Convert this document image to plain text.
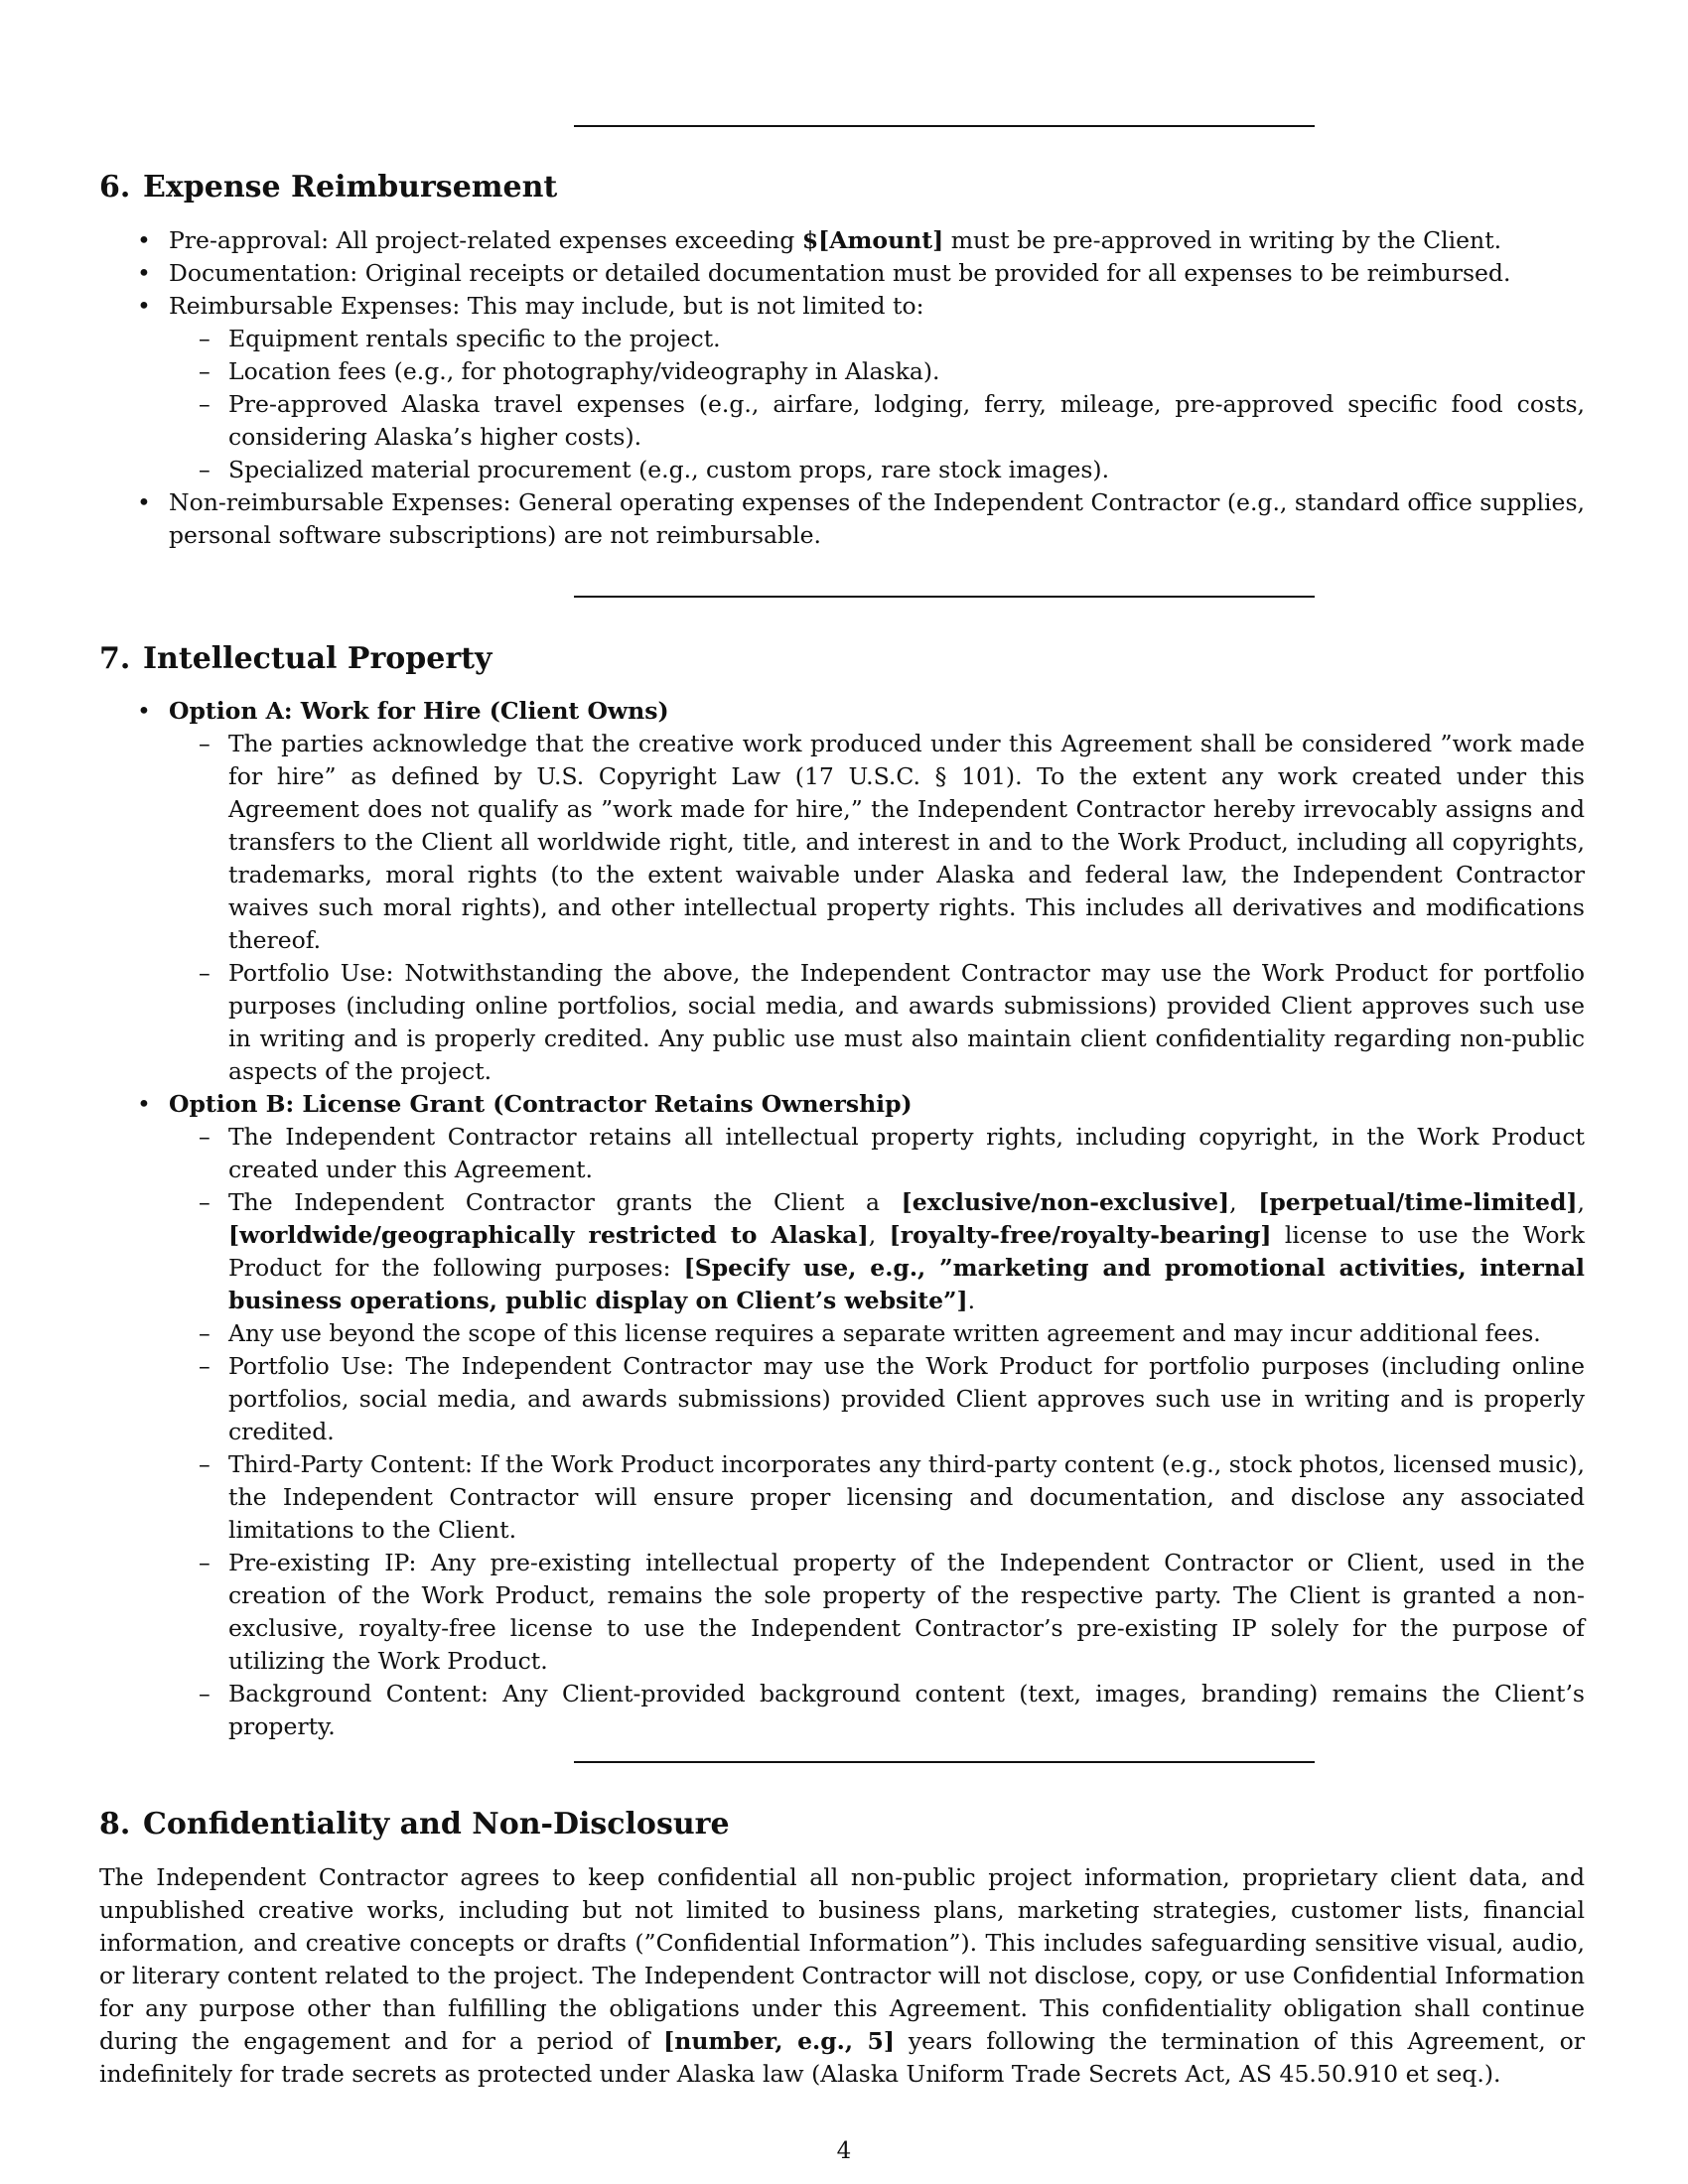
6. Expense Reimbursement
• Pre-approval: All project-related expenses exceeding $[Amount] must be pre-approved in writing by the Client.
• Documentation: Original receipts or detailed documentation must be provided for all expenses to be reimbursed.
• Reimbursable Expenses: This may include, but is not limited to:
– Equipment rentals specific to the project.
– Location fees (e.g., for photography/videography in Alaska).
– Pre-approved Alaska travel expenses (e.g., airfare, lodging, ferry, mileage, pre-approved specific food costs, considering Alaska’s higher costs).
– Specialized material procurement (e.g., custom props, rare stock images).
• Non-reimbursable Expenses: General operating expenses of the Independent Contractor (e.g., standard office supplies, personal software subscriptions) are not reimbursable.
7. Intellectual Property
• Option A: Work for Hire (Client Owns)
– The parties acknowledge that the creative work produced under this Agreement shall be considered ”work made for hire” as defined by U.S. Copyright Law (17 U.S.C. § 101). To the extent any work created under this Agreement does not qualify as ”work made for hire,” the Independent Contractor hereby irrevocably assigns and transfers to the Client all worldwide right, title, and interest in and to the Work Product, including all copyrights, trademarks, moral rights (to the extent waivable under Alaska and federal law, the Independent Contractor waives such moral rights), and other intellectual property rights. This includes all derivatives and modifications thereof.
– Portfolio Use: Notwithstanding the above, the Independent Contractor may use the Work Product for portfolio purposes (including online portfolios, social media, and awards submissions) provided Client approves such use in writing and is properly credited. Any public use must also maintain client confidentiality regarding non-public aspects of the project.
• Option B: License Grant (Contractor Retains Ownership)
– The Independent Contractor retains all intellectual property rights, including copyright, in the Work Product created under this Agreement.
– The Independent Contractor grants the Client a [exclusive/non-exclusive], [perpetual/time-limited], [worldwide/geographically restricted to Alaska], [royalty-free/royalty-bearing] license to use the Work Product for the following purposes: [Specify use, e.g., ”marketing and promotional activities, internal business operations, public display on Client’s website”].
– Any use beyond the scope of this license requires a separate written agreement and may incur additional fees.
– Portfolio Use: The Independent Contractor may use the Work Product for portfolio purposes (including online portfolios, social media, and awards submissions) provided Client approves such use in writing and is properly credited.
– Third-Party Content: If the Work Product incorporates any third-party content (e.g., stock photos, licensed music), the Independent Contractor will ensure proper licensing and documentation, and disclose any associated limitations to the Client.
– Pre-existing IP: Any pre-existing intellectual property of the Independent Contractor or Client, used in the creation of the Work Product, remains the sole property of the respective party. The Client is granted a non-exclusive, royalty-free license to use the Independent Contractor’s pre-existing IP solely for the purpose of utilizing the Work Product.
– Background Content: Any Client-provided background content (text, images, branding) remains the Client’s property.
8. Confidentiality and Non-Disclosure

The Independent Contractor agrees to keep confidential all non-public project information, proprietary client data, and unpublished creative works, including but not limited to business plans, marketing strategies, customer lists, financial information, and creative concepts or drafts (”Confidential Information”). This includes safeguarding sensitive visual, audio, or literary content related to the project. The Independent Contractor will not disclose, copy, or use Confidential Information for any purpose other than fulfilling the obligations under this Agreement. This confidentiality obligation shall continue during the engagement and for a period of [number, e.g., 5] years following the termination of this Agreement, or indefinitely for trade secrets as protected under Alaska law (Alaska Uniform Trade Secrets Act, AS 45.50.910 et seq.).

4
